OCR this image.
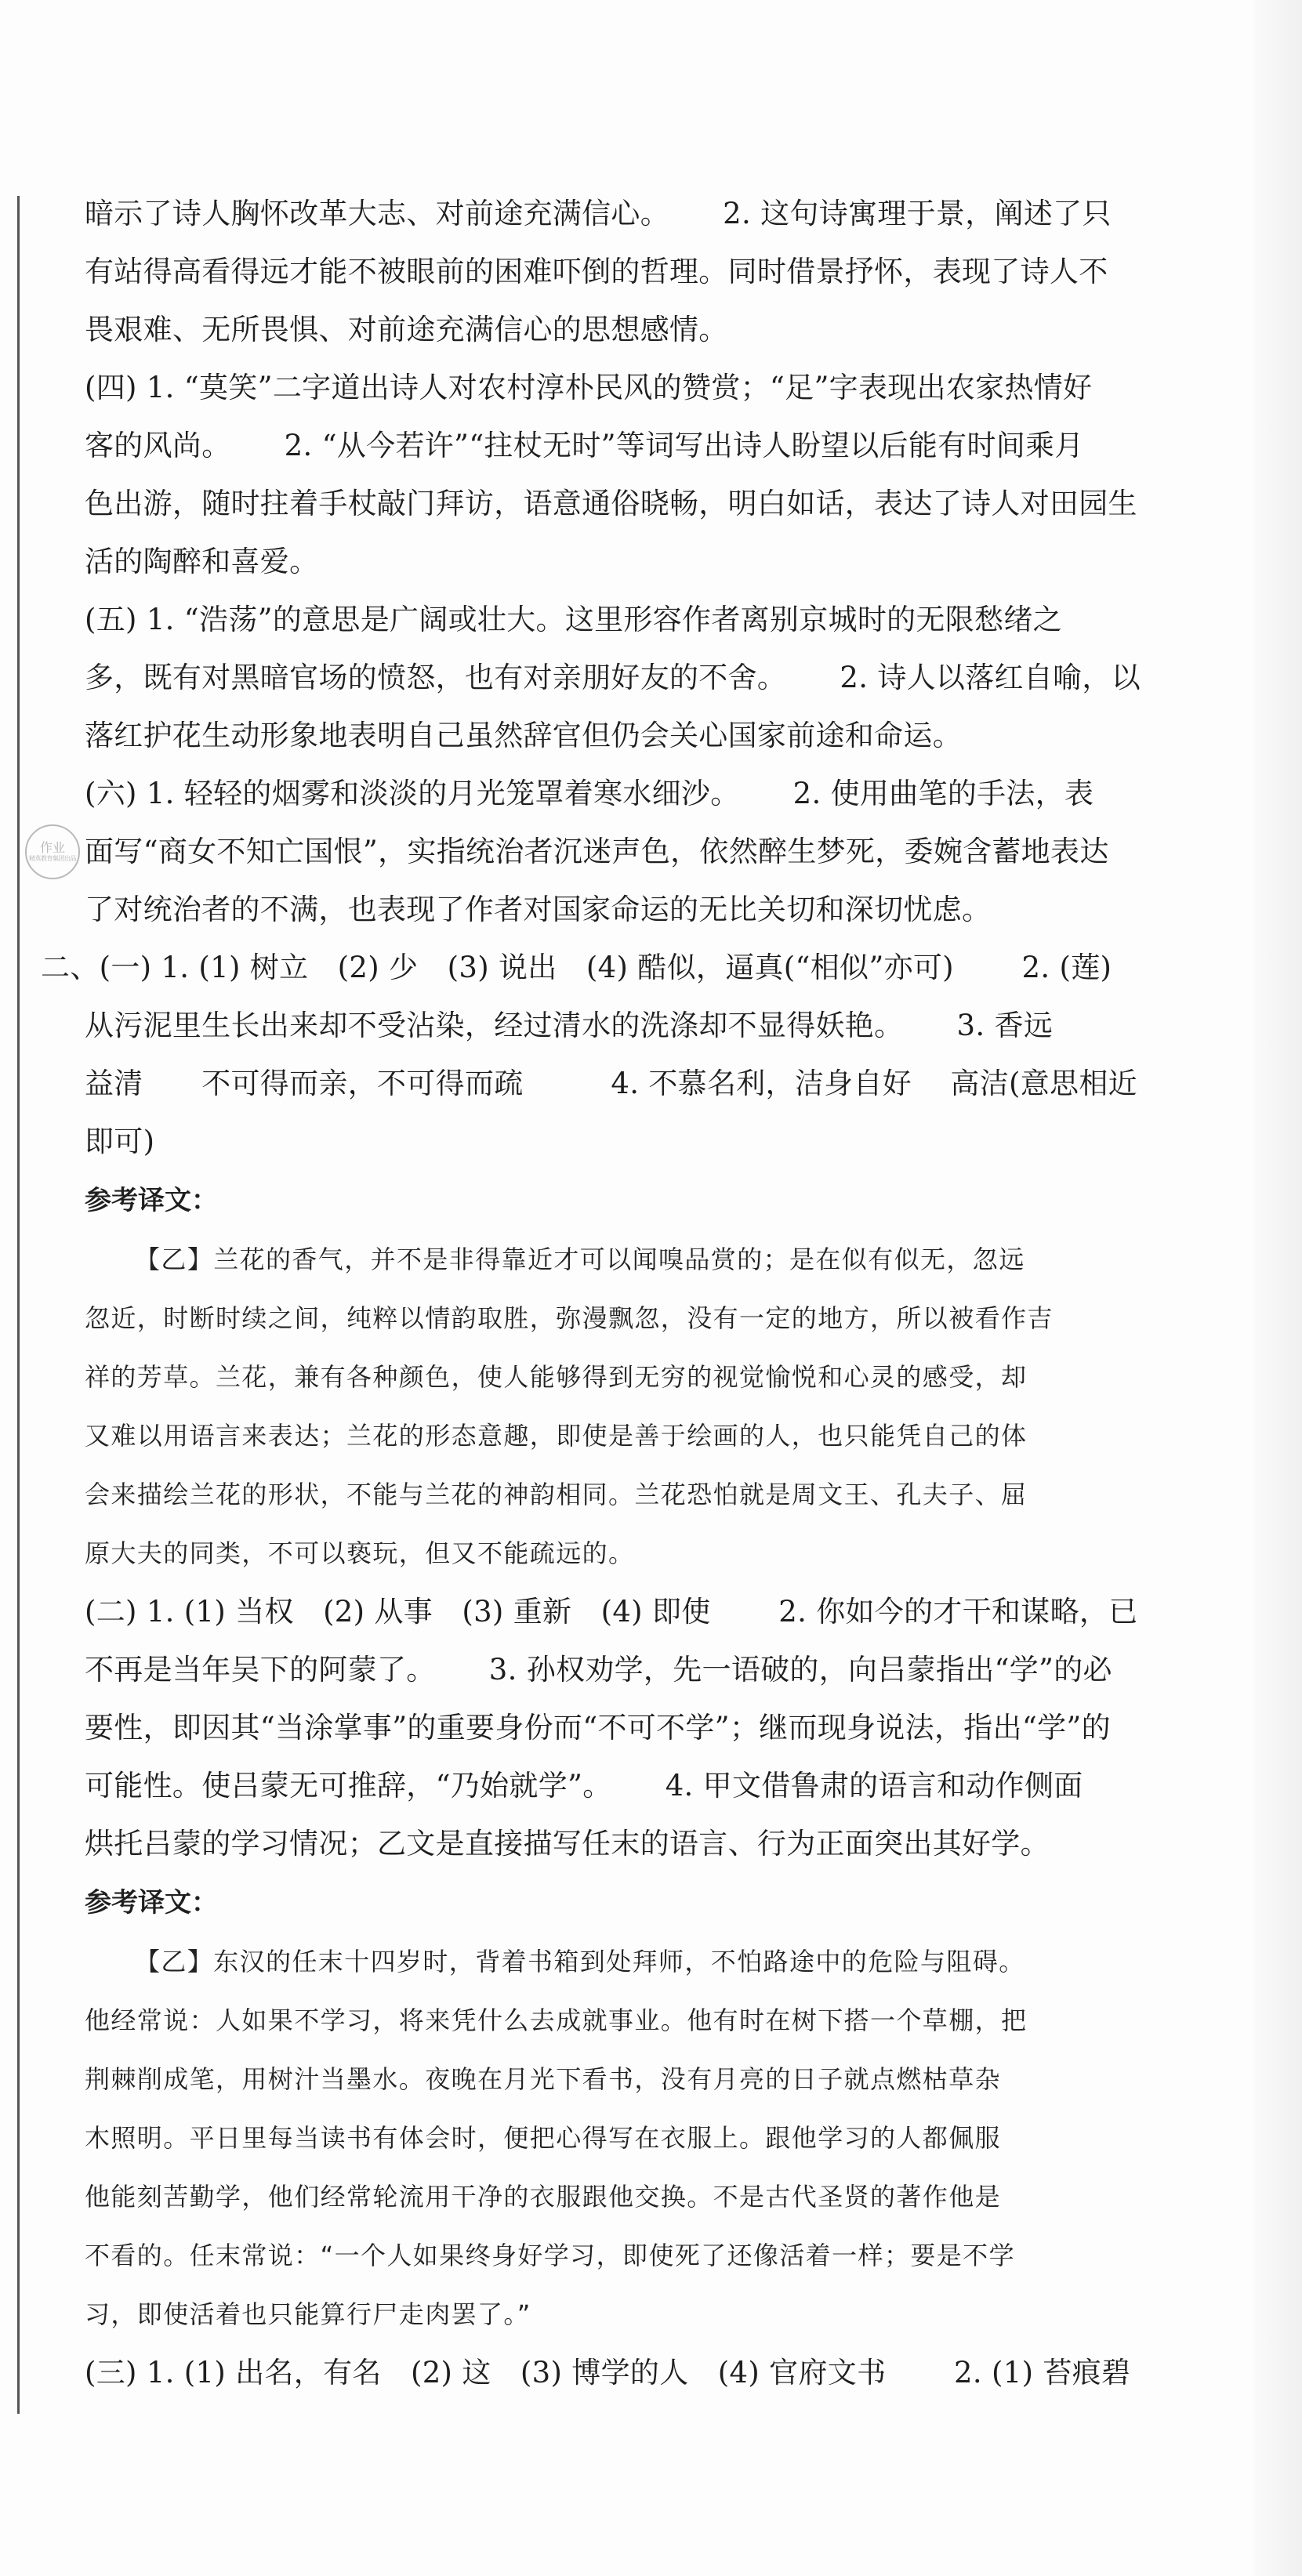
作业
精英教育集团出品
暗示了诗人胸怀改革大志、对前途充满信心。　　 2. 这句诗寓理于景，阐述了只
有站得高看得远才能不被眼前的困难吓倒的哲理。同时借景抒怀，表现了诗人不
畏艰难、无所畏惧、对前途充满信心的思想感情。
(四) 1. “莫笑”二字道出诗人对农村淳朴民风的赞赏；“足”字表现出农家热情好
客的风尚。　　 2. “从今若许”“拄杖无时”等词写出诗人盼望以后能有时间乘月
色出游，随时拄着手杖敲门拜访，语意通俗晓畅，明白如话，表达了诗人对田园生
活的陶醉和喜爱。
(五) 1. “浩荡”的意思是广阔或壮大。这里形容作者离别京城时的无限愁绪之
多，既有对黑暗官场的愤怒，也有对亲朋好友的不舍。　　 2. 诗人以落红自喻，以
落红护花生动形象地表明自己虽然辞官但仍会关心国家前途和命运。
(六) 1. 轻轻的烟雾和淡淡的月光笼罩着寒水细沙。　　 2. 使用曲笔的手法，表
面写“商女不知亡国恨”，实指统治者沉迷声色，依然醉生梦死，委婉含蓄地表达
了对统治者的不满，也表现了作者对国家命运的无比关切和深切忧虑。
二、(一) 1. (1) 树立　(2) 少　(3) 说出　(4) 酷似，逼真(“相似”亦可)　　 2. (莲)
从污泥里生长出来却不受沾染，经过清水的洗涤却不显得妖艳。　　 3. 香远
益清　　不可得而亲，不可得而疏　　　4. 不慕名利，洁身自好　 高洁(意思相近
即可)
参考译文：
【乙】兰花的香气，并不是非得靠近才可以闻嗅品赏的；是在似有似无，忽远
忽近，时断时续之间，纯粹以情韵取胜，弥漫飘忽，没有一定的地方，所以被看作吉
祥的芳草。兰花，兼有各种颜色，使人能够得到无穷的视觉愉悦和心灵的感受，却
又难以用语言来表达；兰花的形态意趣，即使是善于绘画的人，也只能凭自己的体
会来描绘兰花的形状，不能与兰花的神韵相同。兰花恐怕就是周文王、孔夫子、屈
原大夫的同类，不可以亵玩，但又不能疏远的。
(二) 1. (1) 当权　(2) 从事　(3) 重新　(4) 即使　　 2. 你如今的才干和谋略，已
不再是当年吴下的阿蒙了。　　 3. 孙权劝学，先一语破的，向吕蒙指出“学”的必
要性，即因其“当涂掌事”的重要身份而“不可不学”；继而现身说法，指出“学”的
可能性。使吕蒙无可推辞，“乃始就学”。　　 4. 甲文借鲁肃的语言和动作侧面
烘托吕蒙的学习情况；乙文是直接描写任末的语言、行为正面突出其好学。
参考译文：
【乙】东汉的任末十四岁时，背着书箱到处拜师，不怕路途中的危险与阻碍。
他经常说：人如果不学习，将来凭什么去成就事业。他有时在树下搭一个草棚，把
荆棘削成笔，用树汁当墨水。夜晚在月光下看书，没有月亮的日子就点燃枯草杂
木照明。平日里每当读书有体会时，便把心得写在衣服上。跟他学习的人都佩服
他能刻苦勤学，他们经常轮流用干净的衣服跟他交换。不是古代圣贤的著作他是
不看的。任末常说：“一个人如果终身好学习，即使死了还像活着一样；要是不学
习，即使活着也只能算行尸走肉罢了。”
(三) 1. (1) 出名，有名　(2) 这　(3) 博学的人　(4) 官府文书　　 2. (1) 苔痕碧
